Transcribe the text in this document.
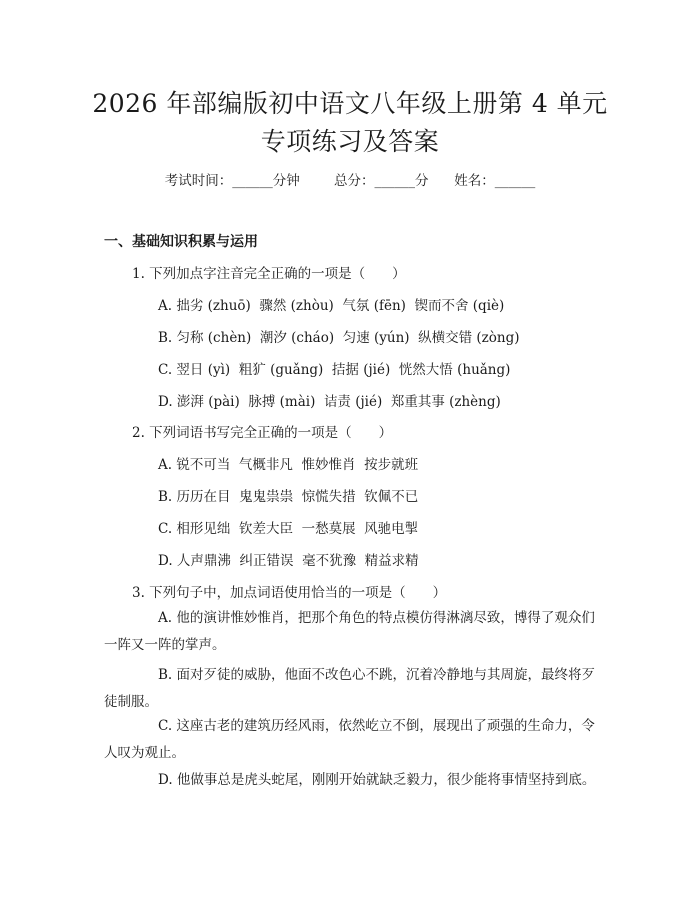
2026 年部编版初中语文八年级上册第 4 单元
专项练习及答案
考试时间：______分钟	总分：______分 姓名：______
一、基础知识积累与运用
1. 下列加点字注音完全正确的一项是（　　）
A. 拙劣 (zhuō)  骤然 (zhòu)  气氛 (fēn)  锲而不舍 (qiè)
B. 匀称 (chèn)  潮汐 (cháo)  匀速 (yún)  纵横交错 (zòng)
C. 翌日 (yì)  粗犷 (guǎng)  拮据 (jié)  恍然大悟 (huǎng)
D. 澎湃 (pài)  脉搏 (mài)  诘责 (jié)  郑重其事 (zhèng)
2. 下列词语书写完全正确的一项是（　　）
A. 锐不可当  气概非凡  惟妙惟肖  按步就班
B. 历历在目  鬼鬼祟祟  惊慌失措  钦佩不已
C. 相形见绌  钦差大臣  一愁莫展  风驰电掣
D. 人声鼎沸  纠正错误  毫不犹豫  精益求精
3. 下列句子中，加点词语使用恰当的一项是（　　）

A. 他的演讲惟妙惟肖，把那个角色的特点模仿得淋漓尽致，博得了观众们一阵又一阵的掌声。

B. 面对歹徒的威胁，他面不改色心不跳，沉着冷静地与其周旋，最终将歹徒制服。

C. 这座古老的建筑历经风雨，依然屹立不倒，展现出了顽强的生命力，令人叹为观止。

D. 他做事总是虎头蛇尾，刚刚开始就缺乏毅力，很少能将事情坚持到底。
